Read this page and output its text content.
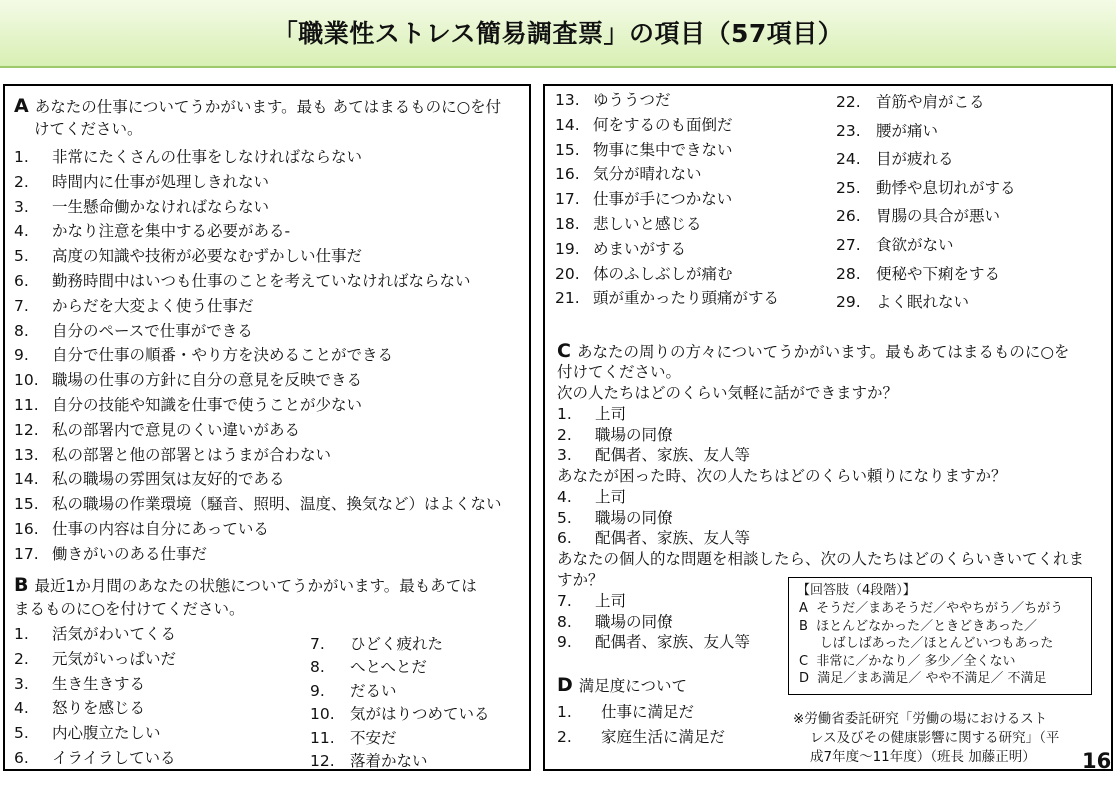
「職業性ストレス簡易調査票」の項目（57項目）
A あなたの仕事についてうかがいます。最も あてはまるものに○を付
けてください。
B 最近1か月間のあなたの状態についてうかがいます。最もあては
まるものに○を付けてください。
C あなたの周りの方々についてうかがいます。最もあてはまるものに○を
付けてください。
次の人たちはどのくらい気軽に話ができますか？
あなたが困った時、次の人たちはどのくらい頼りになりますか？
あなたの個人的な問題を相談したら、次の人たちはどのくらいきいてくれま
すか？
D 満足度について
【回答肢（4段階）】
※労働省委託研究「労働の場におけるスト
レス及びその健康影響に関する研究」（平
成7年度～11年度）（班長 加藤正明） 16
1. 非常にたくさんの仕事をしなければならない
2. 時間内に仕事が処理しきれない
3. 一生懸命働かなければならない
4. かなり注意を集中する必要がある-
5. 高度の知識や技術が必要なむずかしい仕事だ
6. 勤務時間中はいつも仕事のことを考えていなければならない
7. からだを大変よく使う仕事だ
8. 自分のペースで仕事ができる
9. 自分で仕事の順番・やり方を決めることができる
10. 職場の仕事の方針に自分の意見を反映できる
11. 自分の技能や知識を仕事で使うことが少ない
12. 私の部署内で意見のくい違いがある
13. 私の部署と他の部署とはうまが合わない
14. 私の職場の雰囲気は友好的である
15. 私の職場の作業環境（騒音、照明、温度、換気など）はよくない
16. 仕事の内容は自分にあっている
17. 働きがいのある仕事だ
1. 活気がわいてくる
2. 元気がいっぱいだ
3. 生き生きする
4. 怒りを感じる
5. 内心腹立たしい
6. イライラしている
7. ひどく疲れた
8. へとへとだ
9. だるい
10. 気がはりつめている
11. 不安だ
12. 落着かない
13. ゆううつだ
14. 何をするのも面倒だ
15. 物事に集中できない
16. 気分が晴れない
17. 仕事が手につかない
18. 悲しいと感じる
19. めまいがする
20. 体のふしぶしが痛む
21. 頭が重かったり頭痛がする
22. 首筋や肩がこる
23. 腰が痛い
24. 目が疲れる
25. 動悸や息切れがする
26. 胃腸の具合が悪い
27. 食欲がない
28. 便秘や下痢をする
29. よく眠れない
1. 上司
2. 職場の同僚
3. 配偶者、家族、友人等
4. 上司
5. 職場の同僚
6. 配偶者、家族、友人等
7. 上司
8. 職場の同僚
9. 配偶者、家族、友人等
1. 仕事に満足だ
2. 家庭生活に満足だ
A  そうだ／まあそうだ／ややちがう／ちがう
B  ほとんどなかった／ときどきあった／
しばしばあった／ほとんどいつもあった
C  非常に／かなり／ 多少／全くない
D  満足／まあ満足／ やや不満足／ 不満足
